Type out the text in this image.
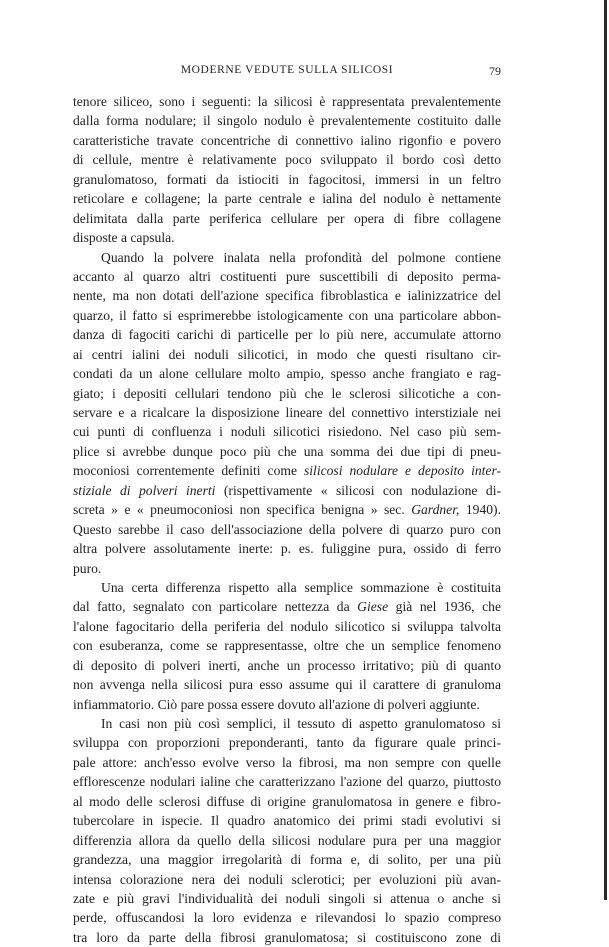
MODERNE VEDUTE SULLA SILICOSI	79
tenore siliceo, sono i seguenti: la silicosi è rappresentata prevalentemente
dalla forma nodulare; il singolo nodulo è prevalentemente costituito dalle
caratteristiche travate concentriche di connettivo ialino rigonfio e povero
di cellule, mentre è relativamente poco sviluppato il bordo così detto
granulomatoso, formati da istiociti in fagocitosi, immersi in un feltro
reticolare e collagene; la parte centrale e ialina del nodulo è nettamente
delimitata dalla parte periferica cellulare per opera di fibre collagene
disposte a capsula.
Quando la polvere inalata nella profondità del polmone contiene
accanto al quarzo altri costituenti pure suscettibili di deposito perma-
nente, ma non dotati dell'azione specifica fibroblastica e ialinizzatrice del
quarzo, il fatto si esprimerebbe istologicamente con una particolare abbon-
danza di fagociti carichi di particelle per lo più nere, accumulate attorno
ai centri ialini dei noduli silicotici, in modo che questi risultano cir-
condati da un alone cellulare molto ampio, spesso anche frangiato e rag-
giato; i depositi cellulari tendono più che le sclerosi silicotiche a con-
servare e a ricalcare la disposizione lineare del connettivo interstiziale nei
cui punti di confluenza i noduli silicotici risiedono. Nel caso più sem-
plice si avrebbe dunque poco più che una somma dei due tipi di pneu-
moconiosi correntemente definiti come silicosi nodulare e deposito inter-
stiziale di polveri inerti (rispettivamente « silicosi con nodulazione di-
screta » e « pneumoconiosi non specifica benigna » sec. Gardner, 1940).
Questo sarebbe il caso dell'associazione della polvere di quarzo puro con
altra polvere assolutamente inerte: p. es. fuliggine pura, ossido di ferro
puro.
Una certa differenza rispetto alla semplice sommazione è costituita
dal fatto, segnalato con particolare nettezza da Giese già nel 1936, che
l'alone fagocitario della periferia del nodulo silicotico si sviluppa talvolta
con esuberanza, come se rappresentasse, oltre che un semplice fenomeno
di deposito di polveri inerti, anche un processo irritativo; più di quanto
non avvenga nella silicosi pura esso assume qui il carattere di granuloma
infiammatorio. Ciò pare possa essere dovuto all'azione di polveri aggiunte.
In casi non più così semplici, il tessuto di aspetto granulomatoso si
sviluppa con proporzioni preponderanti, tanto da figurare quale princi-
pale attore: anch'esso evolve verso la fibrosi, ma non sempre con quelle
efflorescenze nodulari ialine che caratterizzano l'azione del quarzo, piuttosto
al modo delle sclerosi diffuse di origine granulomatosa in genere e fibro-
tubercolare in ispecie. Il quadro anatomico dei primi stadi evolutivi si
differenzia allora da quello della silicosi nodulare pura per una maggior
grandezza, una maggior irregolarità di forma e, di solito, per una più
intensa colorazione nera dei noduli sclerotici; per evoluzioni più avan-
zate e più gravi l'individualità dei noduli singoli si attenua o anche si
perde, offuscandosi la loro evidenza e rilevandosi lo spazio compreso
tra loro da parte della fibrosi granulomatosa; si costituiscono zone di
